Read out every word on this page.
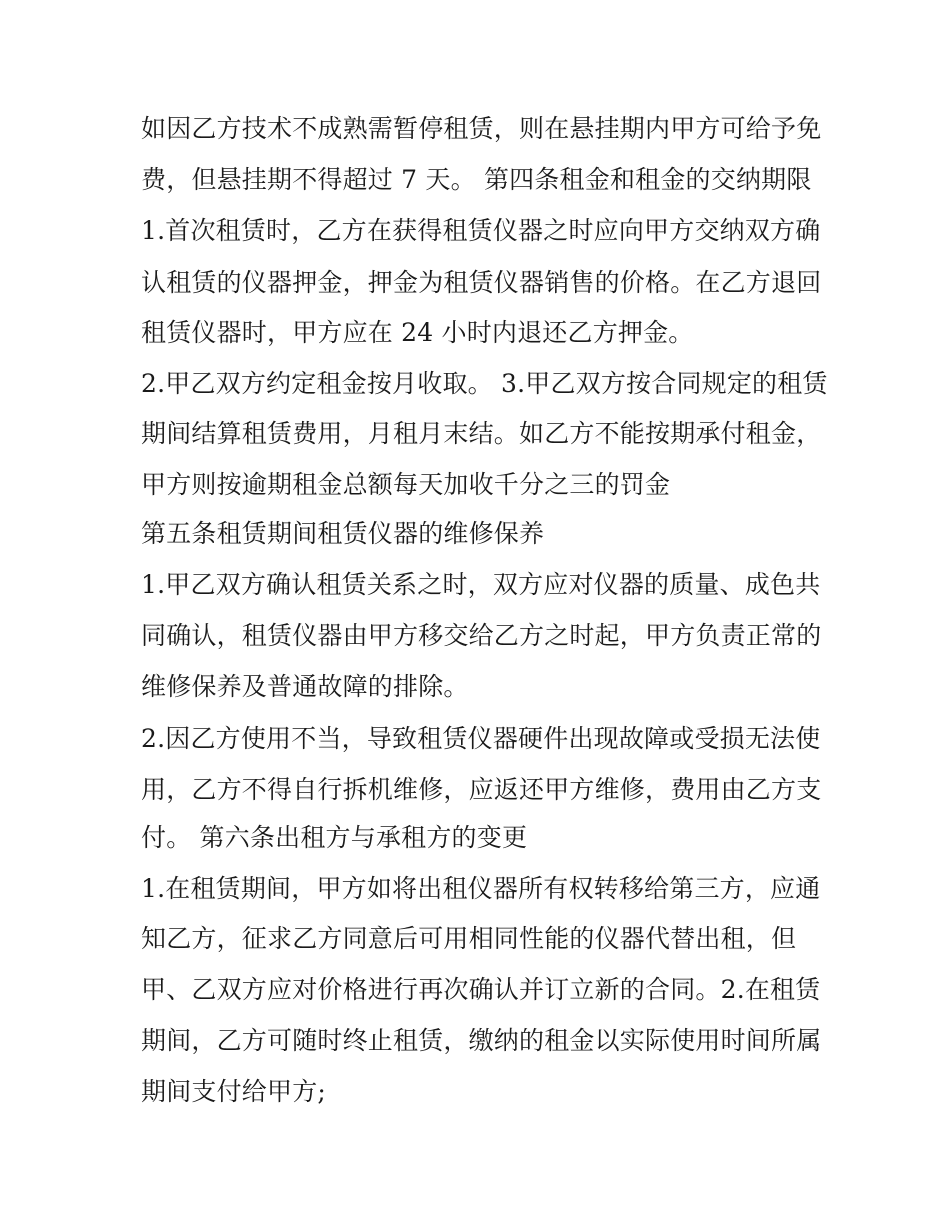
如因乙方技术不成熟需暂停租赁，则在悬挂期内甲方可给予免
费，但悬挂期不得超过 7 天。 第四条租金和租金的交纳期限
1.首次租赁时，乙方在获得租赁仪器之时应向甲方交纳双方确
认租赁的仪器押金，押金为租赁仪器销售的价格。在乙方退回
租赁仪器时，甲方应在 24 小时内退还乙方押金。
2.甲乙双方约定租金按月收取。 3.甲乙双方按合同规定的租赁
期间结算租赁费用，月租月末结。如乙方不能按期承付租金，
甲方则按逾期租金总额每天加收千分之三的罚金
第五条租赁期间租赁仪器的维修保养
1.甲乙双方确认租赁关系之时，双方应对仪器的质量、成色共
同确认，租赁仪器由甲方移交给乙方之时起，甲方负责正常的
维修保养及普通故障的排除。
2.因乙方使用不当，导致租赁仪器硬件出现故障或受损无法使
用，乙方不得自行拆机维修，应返还甲方维修，费用由乙方支
付。 第六条出租方与承租方的变更
1.在租赁期间，甲方如将出租仪器所有权转移给第三方，应通
知乙方，征求乙方同意后可用相同性能的仪器代替出租，但
甲、乙双方应对价格进行再次确认并订立新的合同。2.在租赁
期间，乙方可随时终止租赁，缴纳的租金以实际使用时间所属
期间支付给甲方;
